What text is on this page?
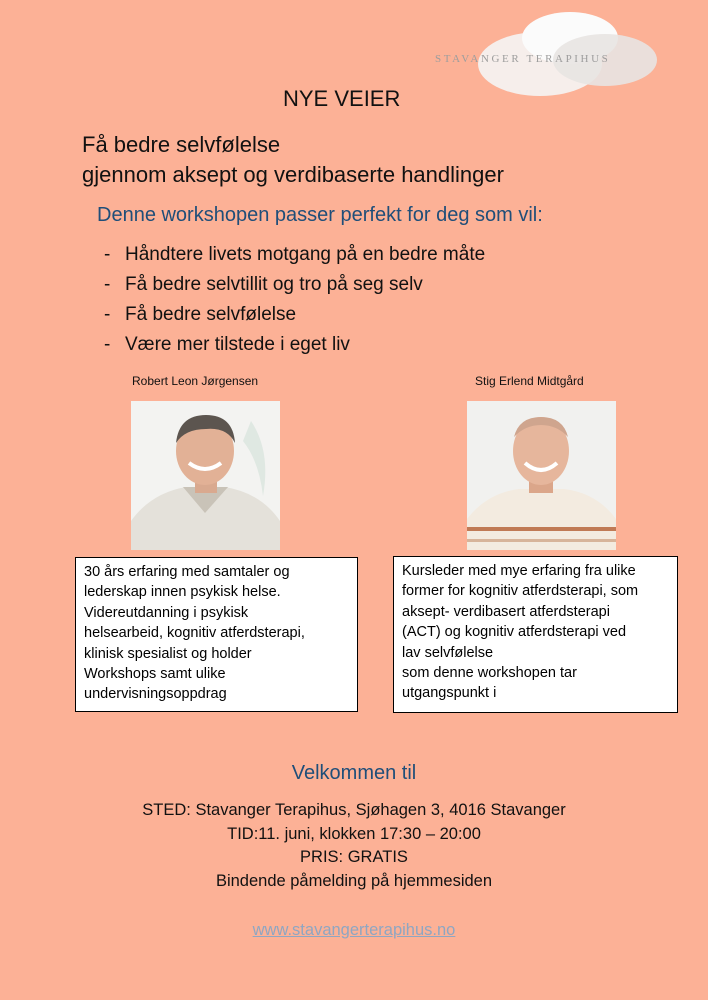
STAVANGER TERAPIHUS
NYE VEIER
Få bedre selvfølelse
gjennom aksept og verdibaserte handlinger
Denne workshopen passer perfekt for deg som vil:
- Håndtere livets motgang på en bedre måte
- Få bedre selvtillit og tro på seg selv
- Få bedre selvfølelse
- Være mer tilstede i eget liv
Robert Leon Jørgensen
30 års erfaring med samtaler og
lederskap innen psykisk helse.
Videreutdanning i psykisk
helsearbeid, kognitiv atferdsterapi,
klinisk spesialist og holder
Workshops samt ulike
undervisningsoppdrag
Stig Erlend Midtgård
Kursleder med mye erfaring fra ulike
former for kognitiv atferdsterapi, som
aksept- verdibasert atferdsterapi
(ACT) og kognitiv atferdsterapi ved
lav selvfølelse
som denne workshopen tar
utgangspunkt i
Velkommen til
STED: Stavanger Terapihus, Sjøhagen 3, 4016 Stavanger
TID:11. juni, klokken 17:30 – 20:00
PRIS: GRATIS
Bindende påmelding på hjemmesiden
www.stavangerterapihus.no
